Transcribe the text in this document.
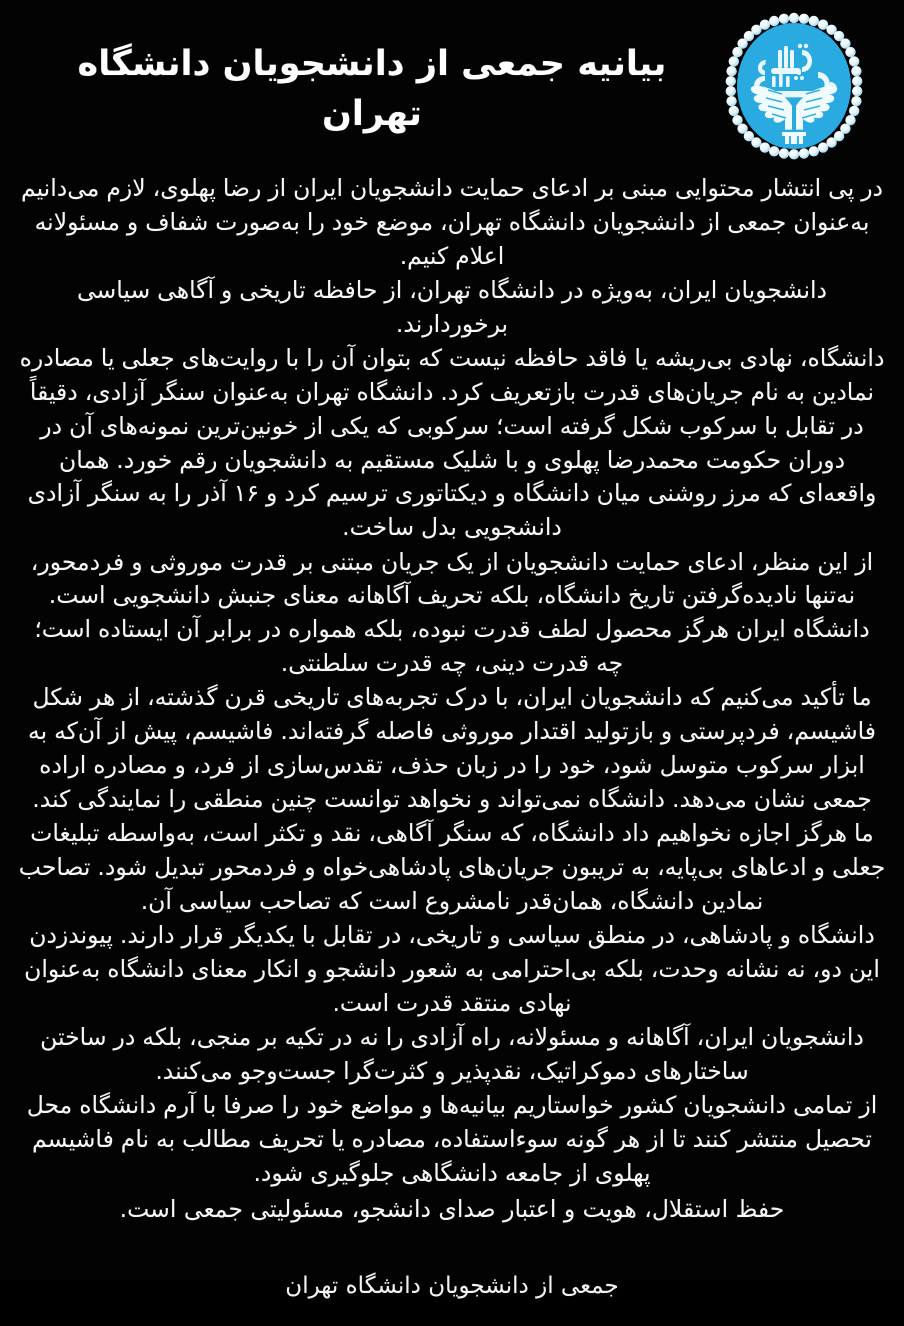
بیانیه جمعی از دانشجویان دانشگاه تهران

در پی انتشار محتوایی مبنی بر ادعای حمایت دانشجویان ایران از رضا پهلوی، لازم می‌دانیم به‌عنوان جمعی از دانشجویان دانشگاه تهران، موضع خود را به‌صورت شفاف و مسئولانه اعلام کنیم.

دانشجویان ایران، به‌ویژه در دانشگاه تهران، از حافظه تاریخی و آگاهی سیاسی برخوردارند.

دانشگاه، نهادی بی‌ریشه یا فاقد حافظه نیست که بتوان آن را با روایت‌های جعلی یا مصادره نمادین به نام جریان‌های قدرت بازتعریف کرد. دانشگاه تهران به‌عنوان سنگر آزادی، دقیقاً در تقابل با سرکوب شکل گرفته است؛ سرکوبی که یکی از خونین‌ترین نمونه‌های آن در دوران حکومت محمدرضا پهلوی و با شلیک مستقیم به دانشجویان رقم خورد. همان واقعه‌ای که مرز روشنی میان دانشگاه و دیکتاتوری ترسیم کرد و ۱۶ آذر را به سنگر آزادی دانشجویی بدل ساخت.

از این منظر، ادعای حمایت دانشجویان از یک جریان مبتنی بر قدرت موروثی و فردمحور، نه‌تنها نادیده‌گرفتن تاریخ دانشگاه، بلکه تحریف آگاهانه معنای جنبش دانشجویی است. دانشگاه ایران هرگز محصول لطف قدرت نبوده، بلکه همواره در برابر آن ایستاده است؛ چه قدرت دینی، چه قدرت سلطنتی.

ما تأکید می‌کنیم که دانشجویان ایران، با درک تجربه‌های تاریخی قرن گذشته، از هر شکل فاشیسم، فردپرستی و بازتولید اقتدار موروثی فاصله گرفته‌اند. فاشیسم، پیش از آن‌که به ابزار سرکوب متوسل شود، خود را در زبان حذف، تقدس‌سازی از فرد، و مصادره اراده جمعی نشان می‌دهد. دانشگاه نمی‌تواند و نخواهد توانست چنین منطقی را نمایندگی کند.

ما هرگز اجازه نخواهیم داد دانشگاه، که سنگر آگاهی، نقد و تکثر است، به‌واسطه تبلیغات جعلی و ادعاهای بی‌پایه، به تریبون جریان‌های پادشاهی‌خواه و فردمحور تبدیل شود. تصاحب نمادین دانشگاه، همان‌قدر نامشروع است که تصاحب سیاسی آن.

دانشگاه و پادشاهی، در منطق سیاسی و تاریخی، در تقابل با یکدیگر قرار دارند. پیوندزدن این دو، نه نشانه وحدت، بلکه بی‌احترامی به شعور دانشجو و انکار معنای دانشگاه به‌عنوان نهادی منتقد قدرت است.

دانشجویان ایران، آگاهانه و مسئولانه، راه آزادی را نه در تکیه بر منجی، بلکه در ساختن ساختارهای دموکراتیک، نقدپذیر و کثرت‌گرا جست‌وجو می‌کنند.

از تمامی دانشجویان کشور خواستاریم بیانیه‌ها و مواضع خود را صرفا با آرم دانشگاه محل تحصیل منتشر کنند تا از هر گونه سوءاستفاده، مصادره یا تحریف مطالب به نام فاشیسم پهلوی از جامعه دانشگاهی جلوگیری شود.

حفظ استقلال، هویت و اعتبار صدای دانشجو، مسئولیتی جمعی است.

جمعی از دانشجویان دانشگاه تهران
